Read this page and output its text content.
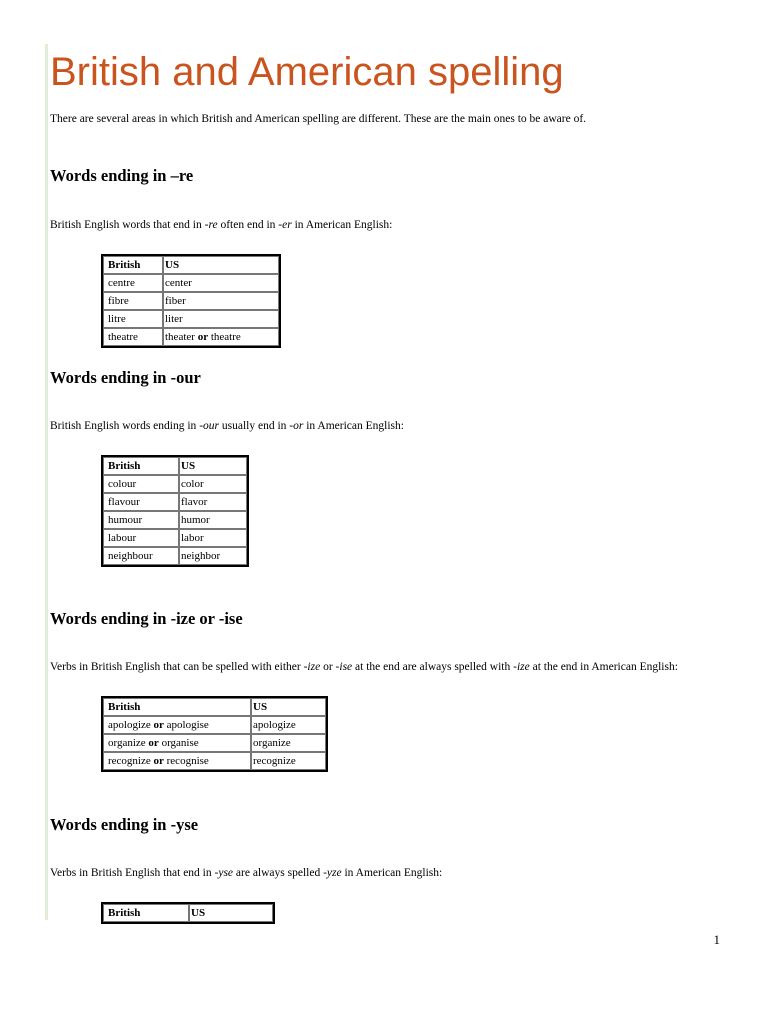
British and American spelling

There are several areas in which British and American spelling are different. These are the main ones to be aware of.

Words ending in –re

British English words that end in -re often end in -er in American English:

British	US
centre	center
fibre	fiber
litre	liter
theatre	theater or theatre
Words ending in -our

British English words ending in -our usually end in -or in American English:

British	US
colour	color
flavour	flavor
humour	humor
labour	labor
neighbour	neighbor
Words ending in -ize or -ise

Verbs in British English that can be spelled with either -ize or -ise at the end are always spelled with -ize at the end in American English:

British	US
apologize or apologise	apologize
organize or organise	organize
recognize or recognise	recognize
Words ending in -yse

Verbs in British English that end in -yse are always spelled -yze in American English:

British	US
1
